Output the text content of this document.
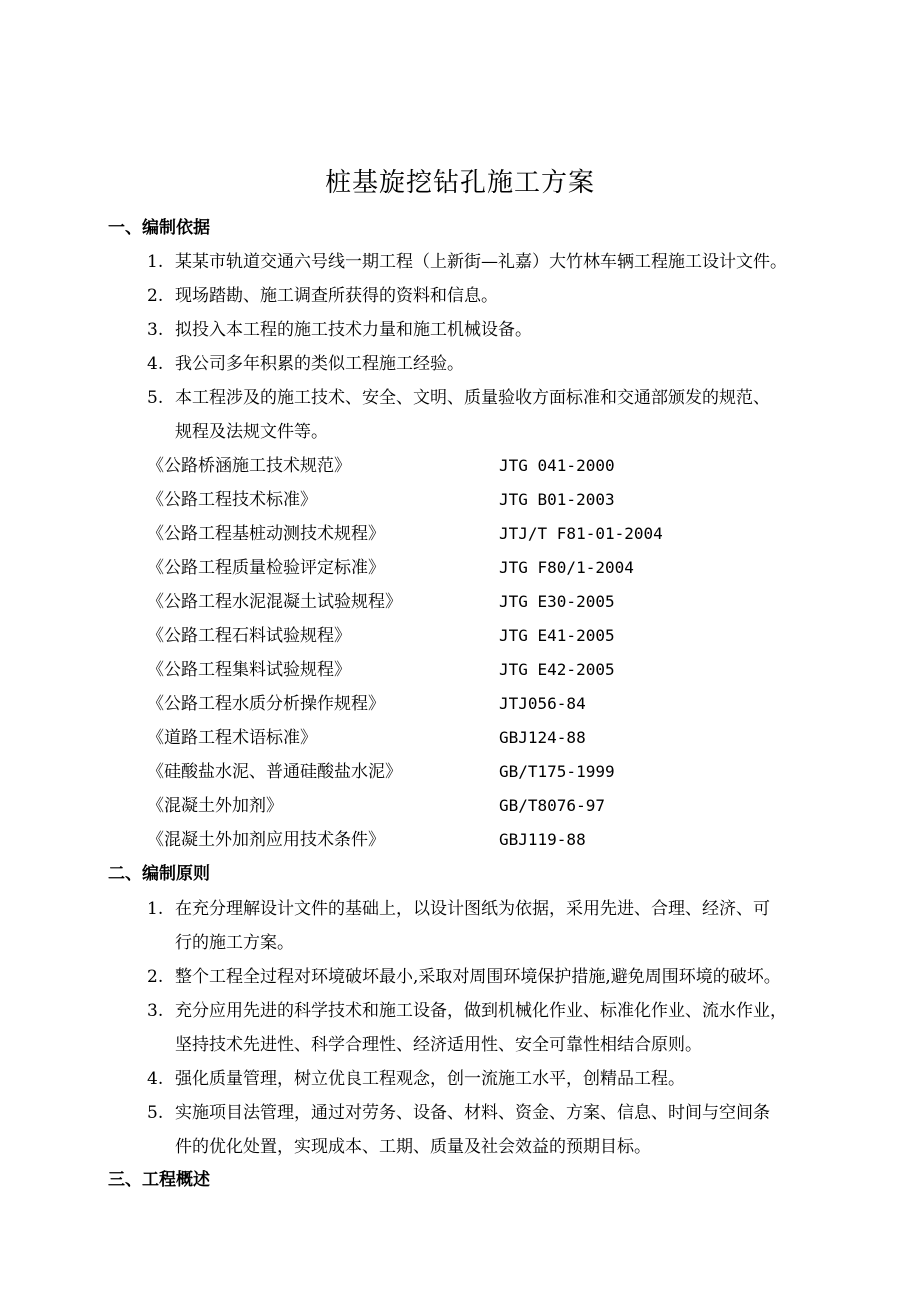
桩基旋挖钻孔施工方案
一、编制依据
1. 某某市轨道交通六号线一期工程（上新街—礼嘉）大竹林车辆工程施工设计文件。
2. 现场踏勘、施工调查所获得的资料和信息。
3. 拟投入本工程的施工技术力量和施工机械设备。
4. 我公司多年积累的类似工程施工经验。
5. 本工程涉及的施工技术、安全、文明、质量验收方面标准和交通部颁发的规范、
规程及法规文件等。
《公路桥涵施工技术规范》	JTG 041-2000
《公路工程技术标准》	JTG B01-2003
《公路工程基桩动测技术规程》	JTJ/T F81-01-2004
《公路工程质量检验评定标准》	JTG F80/1-2004
《公路工程水泥混凝土试验规程》	JTG E30-2005
《公路工程石料试验规程》	JTG E41-2005
《公路工程集料试验规程》	JTG E42-2005
《公路工程水质分析操作规程》	JTJ056-84
《道路工程术语标准》	GBJ124-88
《硅酸盐水泥、普通硅酸盐水泥》	GB/T175-1999
《混凝土外加剂》	GB/T8076-97
《混凝土外加剂应用技术条件》	GBJ119-88
二、编制原则
1. 在充分理解设计文件的基础上，以设计图纸为依据，采用先进、合理、经济、可
行的施工方案。
2. 整个工程全过程对环境破坏最小,采取对周围环境保护措施,避免周围环境的破坏。
3. 充分应用先进的科学技术和施工设备，做到机械化作业、标准化作业、流水作业，
坚持技术先进性、科学合理性、经济适用性、安全可靠性相结合原则。
4. 强化质量管理，树立优良工程观念，创一流施工水平，创精品工程。
5. 实施项目法管理，通过对劳务、设备、材料、资金、方案、信息、时间与空间条
件的优化处置，实现成本、工期、质量及社会效益的预期目标。
三、工程概述
